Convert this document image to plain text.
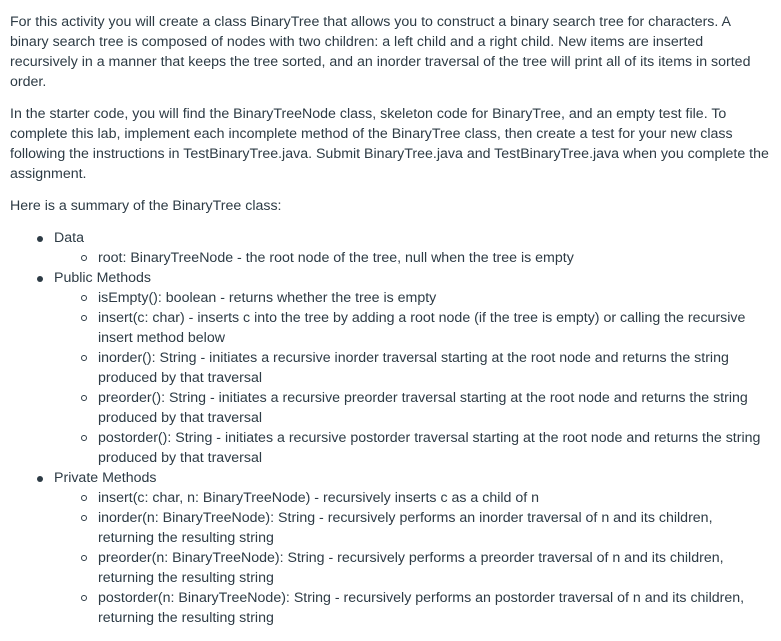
For this activity you will create a class BinaryTree that allows you to construct a binary search tree for characters. A binary search tree is composed of nodes with two children: a left child and a right child. New items are inserted recursively in a manner that keeps the tree sorted, and an inorder traversal of the tree will print all of its items in sorted order.

In the starter code, you will find the BinaryTreeNode class, skeleton code for BinaryTree, and an empty test file. To complete this lab, implement each incomplete method of the BinaryTree class, then create a test for your new class following the instructions in TestBinaryTree.java. Submit BinaryTree.java and TestBinaryTree.java when you complete the assignment.

Here is a summary of the BinaryTree class:

Data
root: BinaryTreeNode - the root node of the tree, null when the tree is empty
Public Methods
isEmpty(): boolean - returns whether the tree is empty
insert(c: char) - inserts c into the tree by adding a root node (if the tree is empty) or calling the recursive insert method below
inorder(): String - initiates a recursive inorder traversal starting at the root node and returns the string produced by that traversal
preorder(): String - initiates a recursive preorder traversal starting at the root node and returns the string produced by that traversal
postorder(): String - initiates a recursive postorder traversal starting at the root node and returns the string produced by that traversal
Private Methods
insert(c: char, n: BinaryTreeNode) - recursively inserts c as a child of n
inorder(n: BinaryTreeNode): String - recursively performs an inorder traversal of n and its children, returning the resulting string
preorder(n: BinaryTreeNode): String - recursively performs a preorder traversal of n and its children, returning the resulting string
postorder(n: BinaryTreeNode): String - recursively performs an postorder traversal of n and its children, returning the resulting string
